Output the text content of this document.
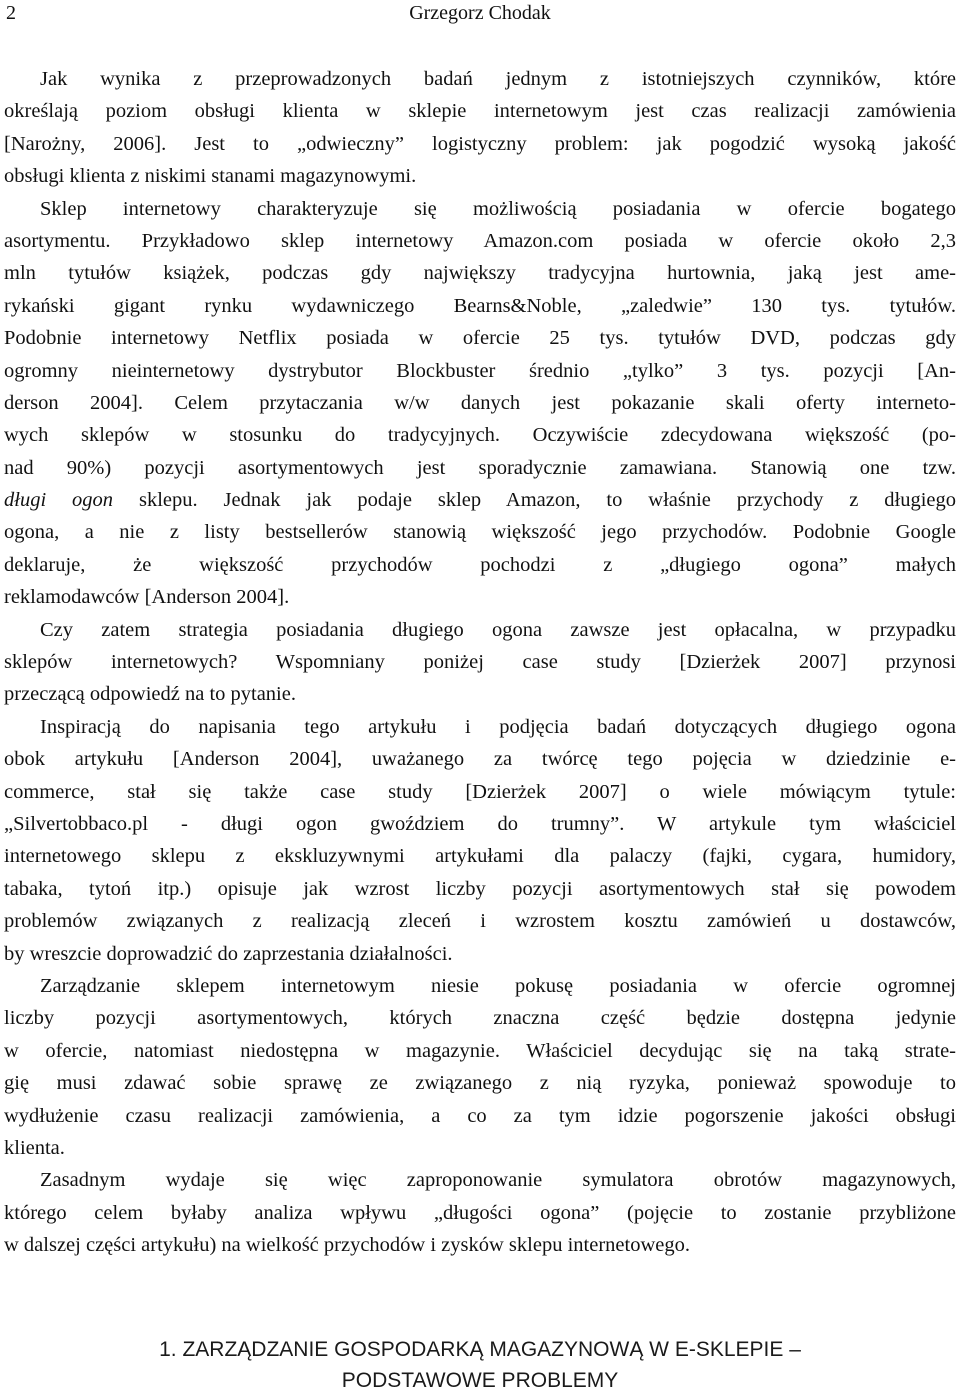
2	Grzegorz Chodak
Jak wynika z przeprowadzonych badań jednym z istotniejszych czynników, które
określają poziom obsługi klienta w sklepie internetowym jest czas realizacji zamówienia
[Narożny, 2006]. Jest to „odwieczny” logistyczny problem: jak pogodzić wysoką jakość
obsługi klienta z niskimi stanami magazynowymi.
Sklep internetowy charakteryzuje się możliwością posiadania w ofercie bogatego
asortymentu. Przykładowo sklep internetowy Amazon.com posiada w ofercie około 2,3
mln tytułów książek, podczas gdy największy tradycyjna hurtownia, jaką jest ame-
rykański gigant rynku wydawniczego Bearns&Noble, „zaledwie” 130 tys. tytułów.
Podobnie internetowy Netflix posiada w ofercie 25 tys. tytułów DVD, podczas gdy
ogromny nieinternetowy dystrybutor Blockbuster średnio „tylko” 3 tys. pozycji [An-
derson 2004]. Celem przytaczania w/w danych jest pokazanie skali oferty interneto-
wych sklepów w stosunku do tradycyjnych. Oczywiście zdecydowana większość (po-
nad 90%) pozycji asortymentowych jest sporadycznie zamawiana. Stanowią one tzw.
długi ogon sklepu. Jednak jak podaje sklep Amazon, to właśnie przychody z długiego
ogona, a nie z listy bestsellerów stanowią większość jego przychodów. Podobnie Google
deklaruje, że większość przychodów pochodzi z „długiego ogona” małych
reklamodawców [Anderson 2004].
Czy zatem strategia posiadania długiego ogona zawsze jest opłacalna, w przypadku
sklepów internetowych? Wspomniany poniżej case study [Dzierżek 2007] przynosi
przeczącą odpowiedź na to pytanie.
Inspiracją do napisania tego artykułu i podjęcia badań dotyczących długiego ogona
obok artykułu [Anderson 2004], uważanego za twórcę tego pojęcia w dziedzinie e-
commerce, stał się także case study [Dzierżek 2007] o wiele mówiącym tytule:
„Silvertobbaco.pl - długi ogon gwoździem do trumny”. W artykule tym właściciel
internetowego sklepu z ekskluzywnymi artykułami dla palaczy (fajki, cygara, humidory,
tabaka, tytoń itp.) opisuje jak wzrost liczby pozycji asortymentowych stał się powodem
problemów związanych z realizacją zleceń i wzrostem kosztu zamówień u dostawców,
by wreszcie doprowadzić do zaprzestania działalności.
Zarządzanie sklepem internetowym niesie pokusę posiadania w ofercie ogromnej
liczby pozycji asortymentowych, których znaczna część będzie dostępna jedynie
w ofercie, natomiast niedostępna w magazynie. Właściciel decydując się na taką strate-
gię musi zdawać sobie sprawę ze związanego z nią ryzyka, ponieważ spowoduje to
wydłużenie czasu realizacji zamówienia, a co za tym idzie pogorszenie jakości obsługi
klienta.
Zasadnym wydaje się więc zaproponowanie symulatora obrotów magazynowych,
którego celem byłaby analiza wpływu „długości ogona” (pojęcie to zostanie przybliżone
w dalszej części artykułu) na wielkość przychodów i zysków sklepu internetowego.
1. ZARZĄDZANIE GOSPODARKĄ MAGAZYNOWĄ W E-SKLEPIE –
PODSTAWOWE PROBLEMY
